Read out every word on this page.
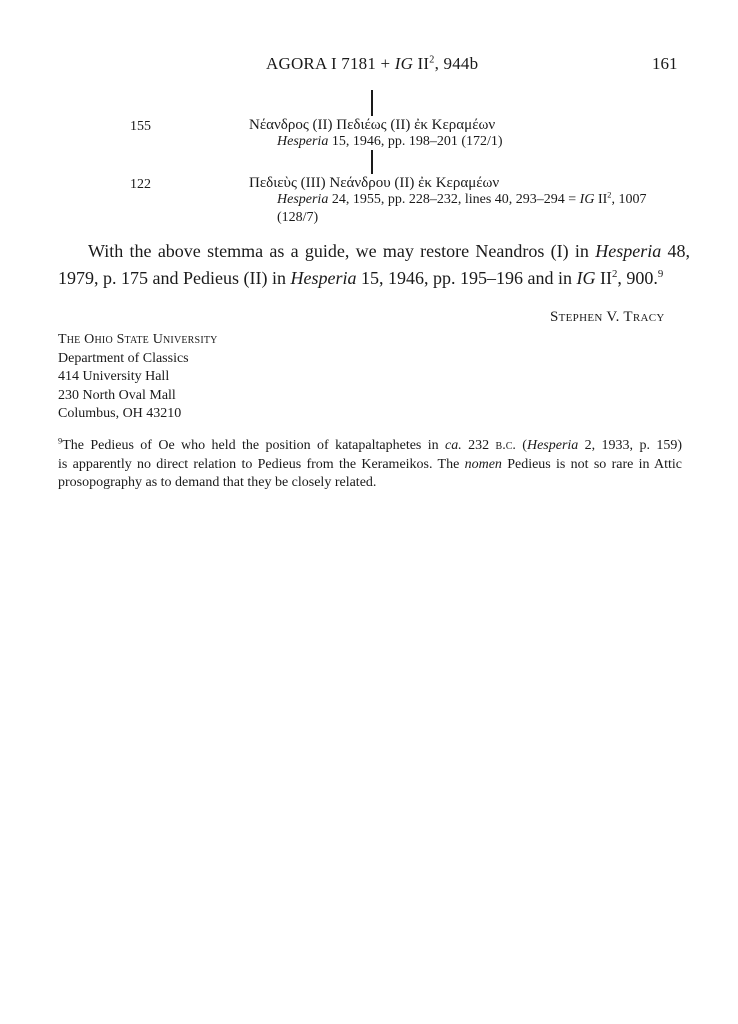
AGORA I 7181 + IG $II^2$, 944b	161
155	Νέανδρος (ΙΙ) Πεδιέως (ΙΙ) ἐκ Κεραμέων
Hesperia 15, 1946, pp. 198–201 (172/1)
122	Πεδιεὺς (ΙΙΙ) Νεάνδρου (ΙΙ) ἐκ Κεραμέων
Hesperia 24, 1955, pp. 228–232, lines 40, 293–294 = IG $II^2$, 1007
(128/7)
With the above stemma as a guide, we may restore Neandros (I) in Hesperia 48,
1979, p. 175 and Pedieus (II) in Hesperia 15, 1946, pp. 195–196 and in IG $II^2$, 900.$^9$
Stephen V. Tracy
The Ohio State University
Department of Classics
414 University Hall
230 North Oval Mall
Columbus, OH 43210
$^9$The Pedieus of Oe who held the position of katapaltaphetes in ca. 232 b.c. (Hesperia 2, 1933, p. 159)
is apparently no direct relation to Pedieus from the Kerameikos. The nomen Pedieus is not so rare in Attic
prosopography as to demand that they be closely related.
